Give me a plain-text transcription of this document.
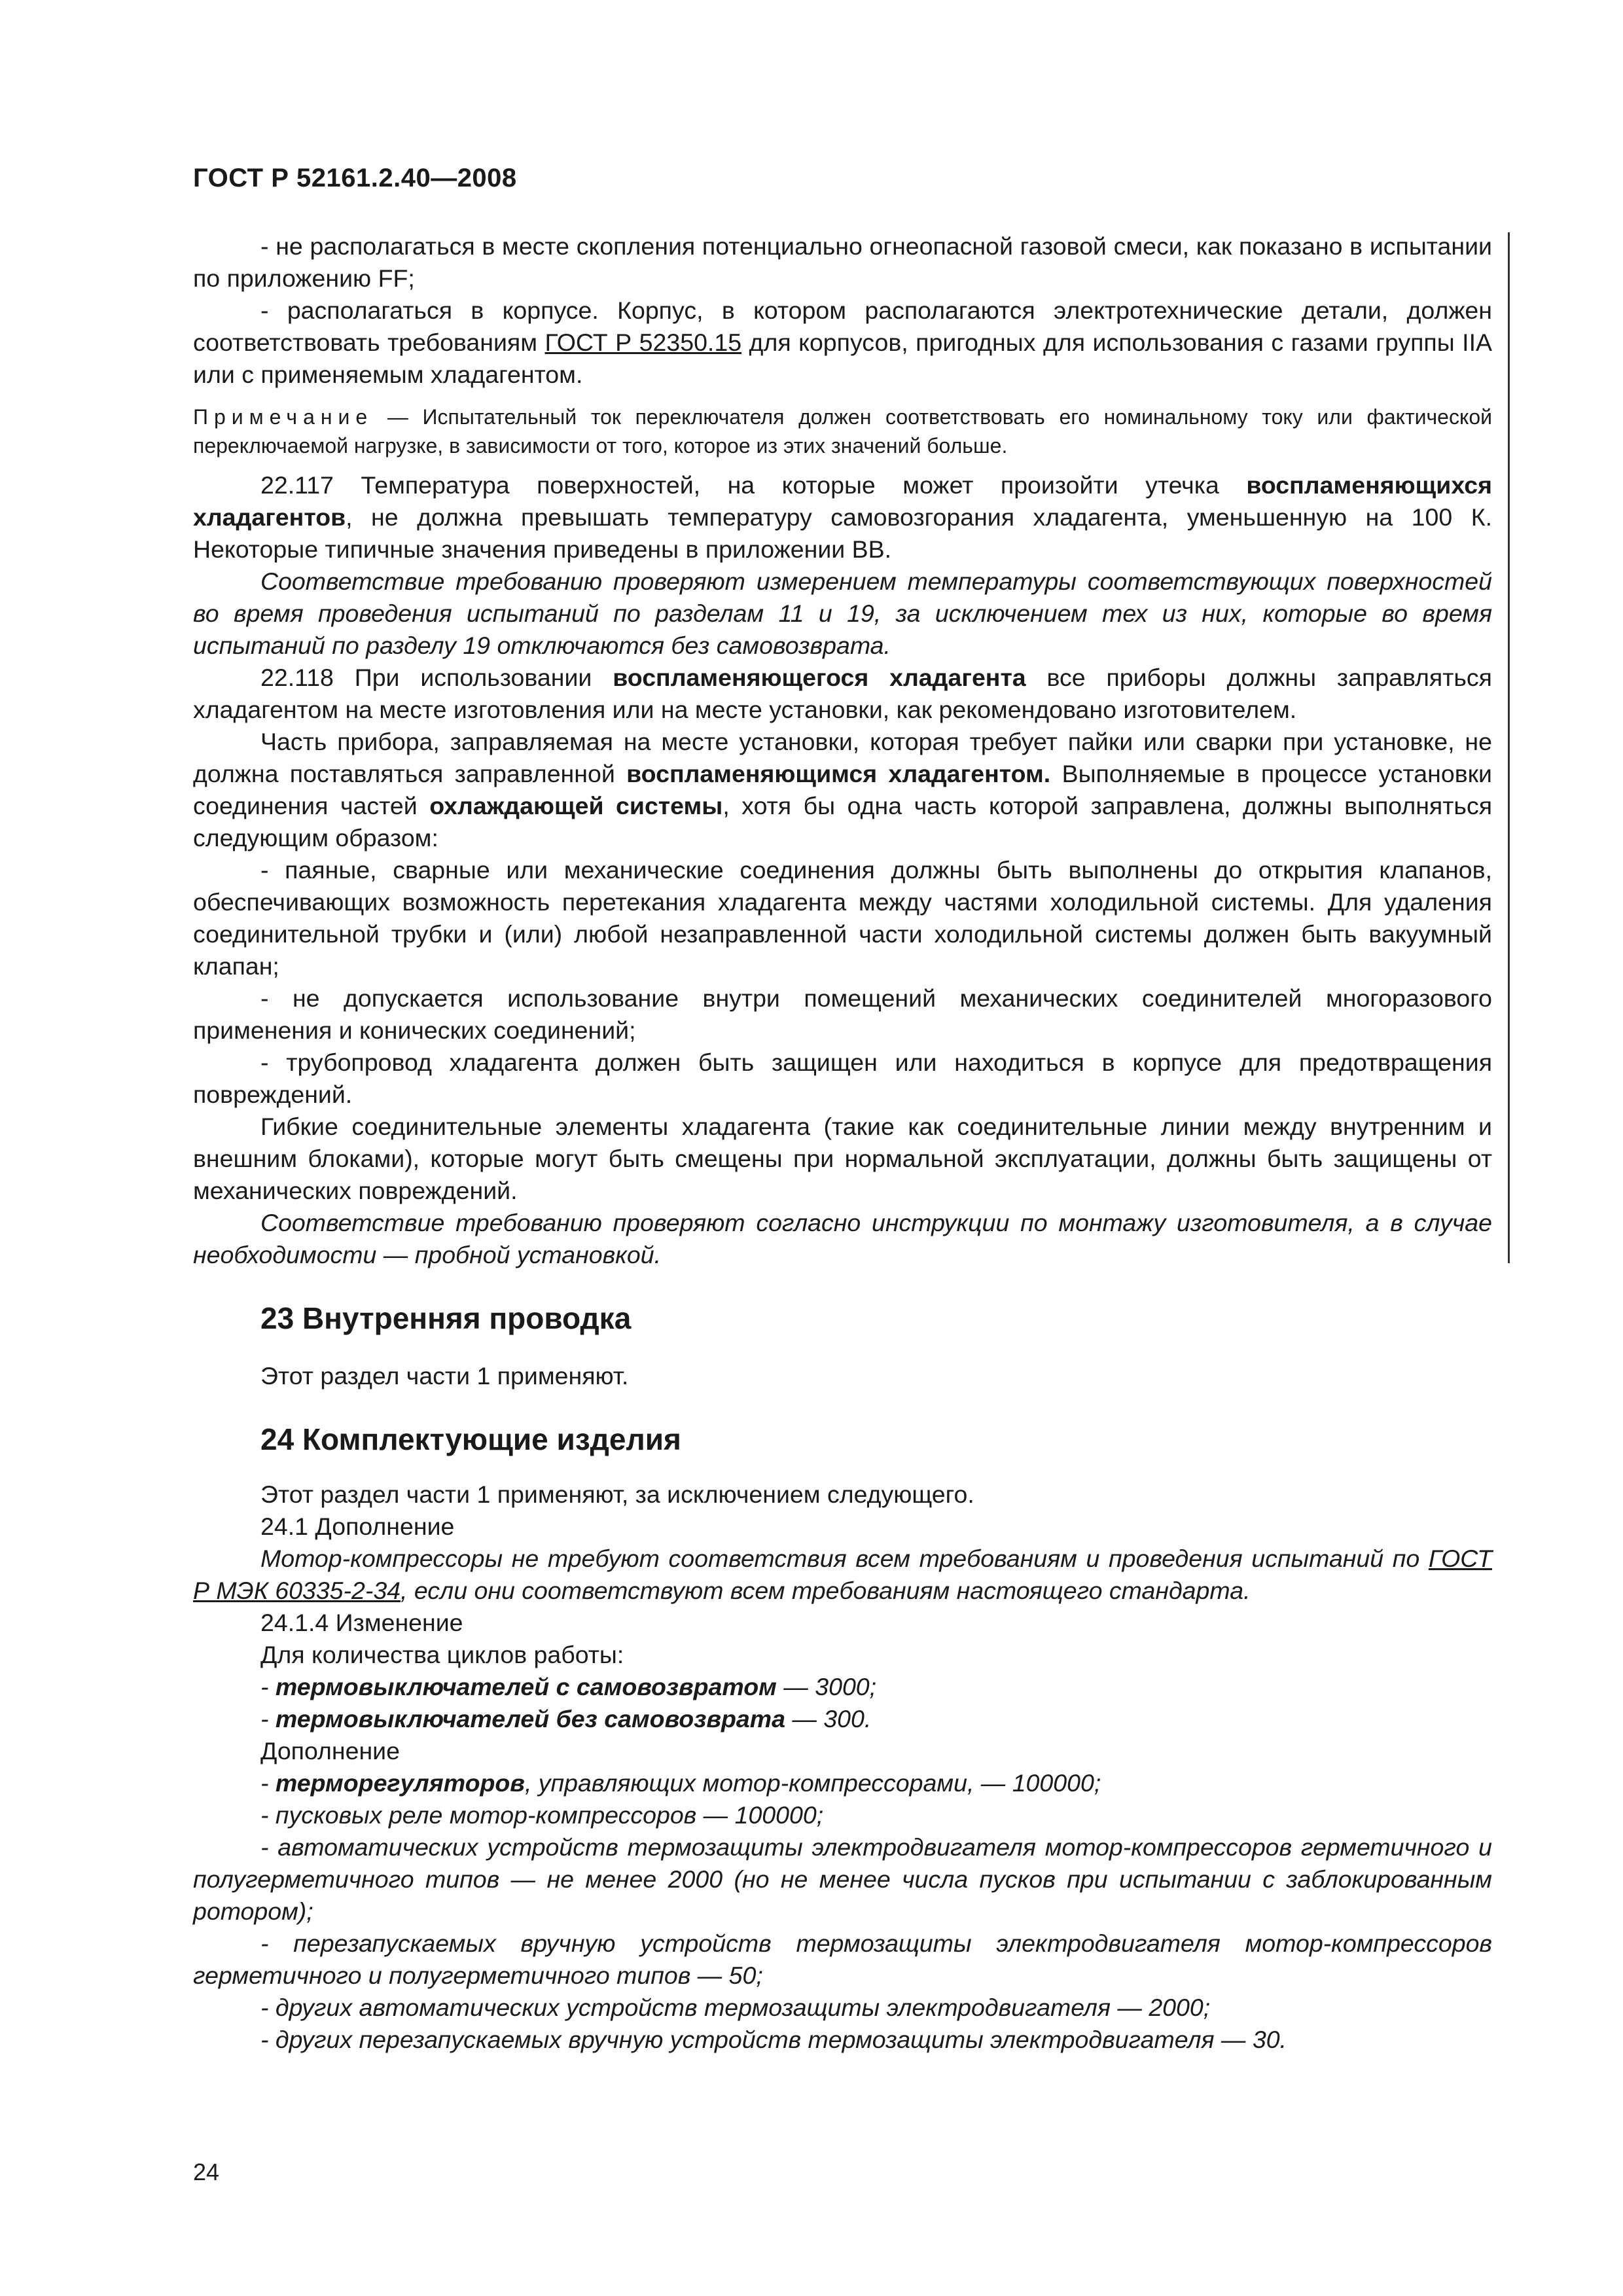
ГОСТ Р 52161.2.40—2008

- не располагаться в месте скопления потенциально огнеопасной газовой смеси, как показано в испытании по приложению FF;

- располагаться в корпусе. Корпус, в котором располагаются электротехнические детали, должен соответствовать требованиям ГОСТ Р 52350.15 для корпусов, пригодных для использования с газами группы IIA или с применяемым хладагентом.

Примечание — Испытательный ток переключателя должен соответствовать его номинальному току или фактической переключаемой нагрузке, в зависимости от того, которое из этих значений больше.

22.117 Температура поверхностей, на которые может произойти утечка воспламеняющихся хладагентов, не должна превышать температуру самовозгорания хладагента, уменьшенную на 100 К. Некоторые типичные значения приведены в приложении ВВ.

Соответствие требованию проверяют измерением температуры соответствующих поверхностей во время проведения испытаний по разделам 11 и 19, за исключением тех из них, которые во время испытаний по разделу 19 отключаются без самовозврата.

22.118 При использовании воспламеняющегося хладагента все приборы должны заправляться хладагентом на месте изготовления или на месте установки, как рекомендовано изготовителем.

Часть прибора, заправляемая на месте установки, которая требует пайки или сварки при установке, не должна поставляться заправленной воспламеняющимся хладагентом. Выполняемые в процессе установки соединения частей охлаждающей системы, хотя бы одна часть которой заправлена, должны выполняться следующим образом:

- паяные, сварные или механические соединения должны быть выполнены до открытия клапанов, обеспечивающих возможность перетекания хладагента между частями холодильной системы. Для удаления соединительной трубки и (или) любой незаправленной части холодильной системы должен быть вакуумный клапан;

- не допускается использование внутри помещений механических соединителей многоразового применения и конических соединений;

- трубопровод хладагента должен быть защищен или находиться в корпусе для предотвращения повреждений.

Гибкие соединительные элементы хладагента (такие как соединительные линии между внутренним и внешним блоками), которые могут быть смещены при нормальной эксплуатации, должны быть защищены от механических повреждений.

Соответствие требованию проверяют согласно инструкции по монтажу изготовителя, а в случае необходимости — пробной установкой.

23 Внутренняя проводка

Этот раздел части 1 применяют.

24 Комплектующие изделия

Этот раздел части 1 применяют, за исключением следующего.

24.1 Дополнение

Мотор-компрессоры не требуют соответствия всем требованиям и проведения испытаний по ГОСТ Р МЭК 60335-2-34, если они соответствуют всем требованиям настоящего стандарта.

24.1.4 Изменение

Для количества циклов работы:

- термовыключателей с самовозвратом — 3000;

- термовыключателей без самовозврата — 300.

Дополнение

- терморегуляторов, управляющих мотор-компрессорами, — 100000;

- пусковых реле мотор-компрессоров — 100000;

- автоматических устройств термозащиты электродвигателя мотор-компрессоров герметичного и полугерметичного типов — не менее 2000 (но не менее числа пусков при испытании с заблокированным ротором);

- перезапускаемых вручную устройств термозащиты электродвигателя мотор-компрессоров герметичного и полугерметичного типов — 50;

- других автоматических устройств термозащиты электродвигателя — 2000;

- других перезапускаемых вручную устройств термозащиты электродвигателя — 30.

24
